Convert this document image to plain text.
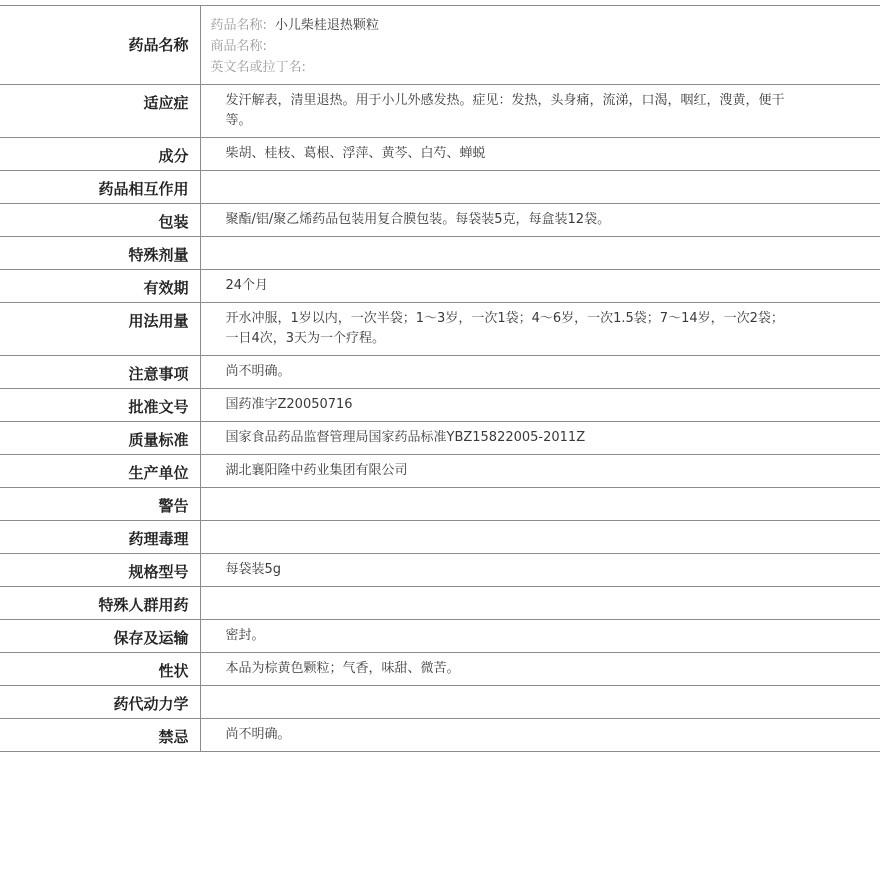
药品名称	药品名称: 小儿柴桂退热颗粒
商品名称:
英文名或拉丁名:

适应症	发汗解表，清里退热。用于小儿外感发热。症见：发热，头身痛，流涕，口渴，咽红，溲黄，便干等。

成分	柴胡、桂枝、葛根、浮萍、黄芩、白芍、蝉蜕

药品相互作用	

包装	聚酯/铝/聚乙烯药品包装用复合膜包装。每袋装5克，每盒装12袋。

特殊剂量	

有效期	24个月

用法用量	开水冲服，1岁以内，一次半袋；1～3岁，一次1袋；4～6岁，一次1.5袋；7～14岁，一次2袋；一日4次，3天为一个疗程。

注意事项	尚不明确。

批准文号	国药准字Z20050716

质量标准	国家食品药品监督管理局国家药品标准YBZ15822005-2011Z

生产单位	湖北襄阳隆中药业集团有限公司

警告	

药理毒理	

规格型号	每袋装5g

特殊人群用药	

保存及运输	密封。

性状	本品为棕黄色颗粒；气香，味甜、微苦。

药代动力学	

禁忌	尚不明确。
